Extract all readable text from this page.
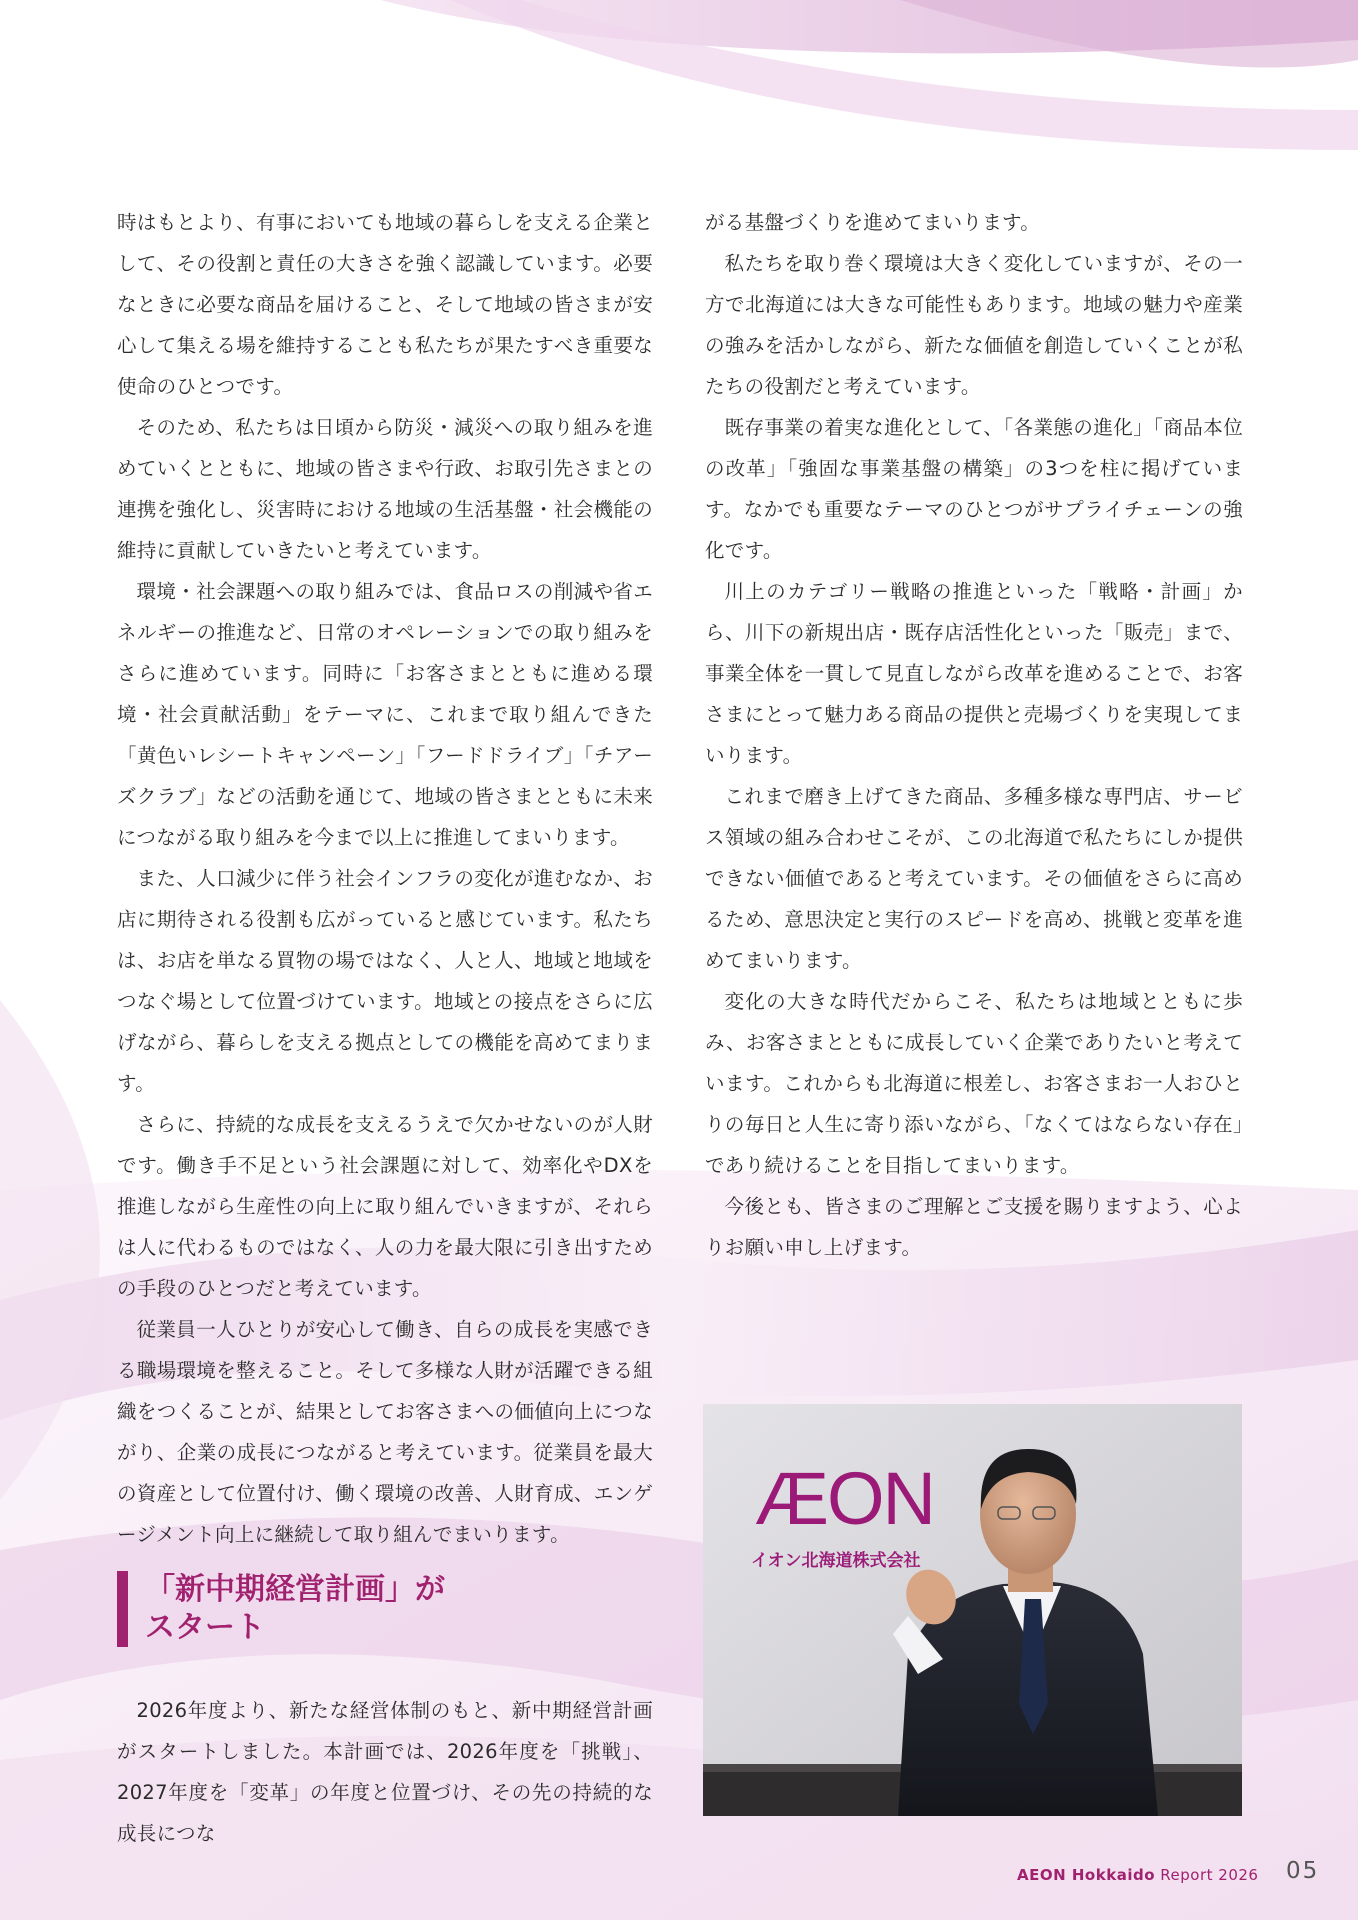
時はもとより、有事においても地域の暮らしを支える企業として、その役割と責任の大きさを強く認識しています。必要なときに必要な商品を届けること、そして地域の皆さまが安心して集える場を維持することも私たちが果たすべき重要な使命のひとつです。

そのため、私たちは日頃から防災・減災への取り組みを進めていくとともに、地域の皆さまや行政、お取引先さまとの連携を強化し、災害時における地域の生活基盤・社会機能の維持に貢献していきたいと考えています。

環境・社会課題への取り組みでは、食品ロスの削減や省エネルギーの推進など、日常のオペレーションでの取り組みをさらに進めています。同時に「お客さまとともに進める環境・社会貢献活動」をテーマに、これまで取り組んできた「黄色いレシートキャンペーン」「フードドライブ」「チアーズクラブ」などの活動を通じて、地域の皆さまとともに未来につながる取り組みを今まで以上に推進してまいります。

また、人口減少に伴う社会インフラの変化が進むなか、お店に期待される役割も広がっていると感じています。私たちは、お店を単なる買物の場ではなく、人と人、地域と地域をつなぐ場として位置づけています。地域との接点をさらに広げながら、暮らしを支える拠点としての機能を高めてまります。

さらに、持続的な成長を支えるうえで欠かせないのが人財です。働き手不足という社会課題に対して、効率化やDXを推進しながら生産性の向上に取り組んでいきますが、それらは人に代わるものではなく、人の力を最大限に引き出すための手段のひとつだと考えています。

従業員一人ひとりが安心して働き、自らの成長を実感できる職場環境を整えること。そして多様な人財が活躍できる組織をつくることが、結果としてお客さまへの価値向上につながり、企業の成長につながると考えています。従業員を最大の資産として位置付け、働く環境の改善、人財育成、エンゲージメント向上に継続して取り組んでまいります。

がる基盤づくりを進めてまいります。

私たちを取り巻く環境は大きく変化していますが、その一方で北海道には大きな可能性もあります。地域の魅力や産業の強みを活かしながら、新たな価値を創造していくことが私たちの役割だと考えています。

既存事業の着実な進化として、「各業態の進化」「商品本位の改革」「強固な事業基盤の構築」の3つを柱に掲げています。なかでも重要なテーマのひとつがサプライチェーンの強化です。

川上のカテゴリー戦略の推進といった「戦略・計画」から、川下の新規出店・既存店活性化といった「販売」まで、事業全体を一貫して見直しながら改革を進めることで、お客さまにとって魅力ある商品の提供と売場づくりを実現してまいります。

これまで磨き上げてきた商品、多種多様な専門店、サービス領域の組み合わせこそが、この北海道で私たちにしか提供できない価値であると考えています。その価値をさらに高めるため、意思決定と実行のスピードを高め、挑戦と変革を進めてまいります。

変化の大きな時代だからこそ、私たちは地域とともに歩み、お客さまとともに成長していく企業でありたいと考えています。これからも北海道に根差し、お客さまお一人おひとりの毎日と人生に寄り添いながら、「なくてはならない存在」であり続けることを目指してまいります。

今後とも、皆さまのご理解とご支援を賜りますよう、心よりお願い申し上げます。

「新中期経営計画」が
スタート

2026年度より、新たな経営体制のもと、新中期経営計画がスタートしました。本計画では、2026年度を「挑戦」、2027年度を「変革」の年度と位置づけ、その先の持続的な成長につな

ÆON
イオン北海道株式会社
AEON Hokkaido
Report 2026 05
